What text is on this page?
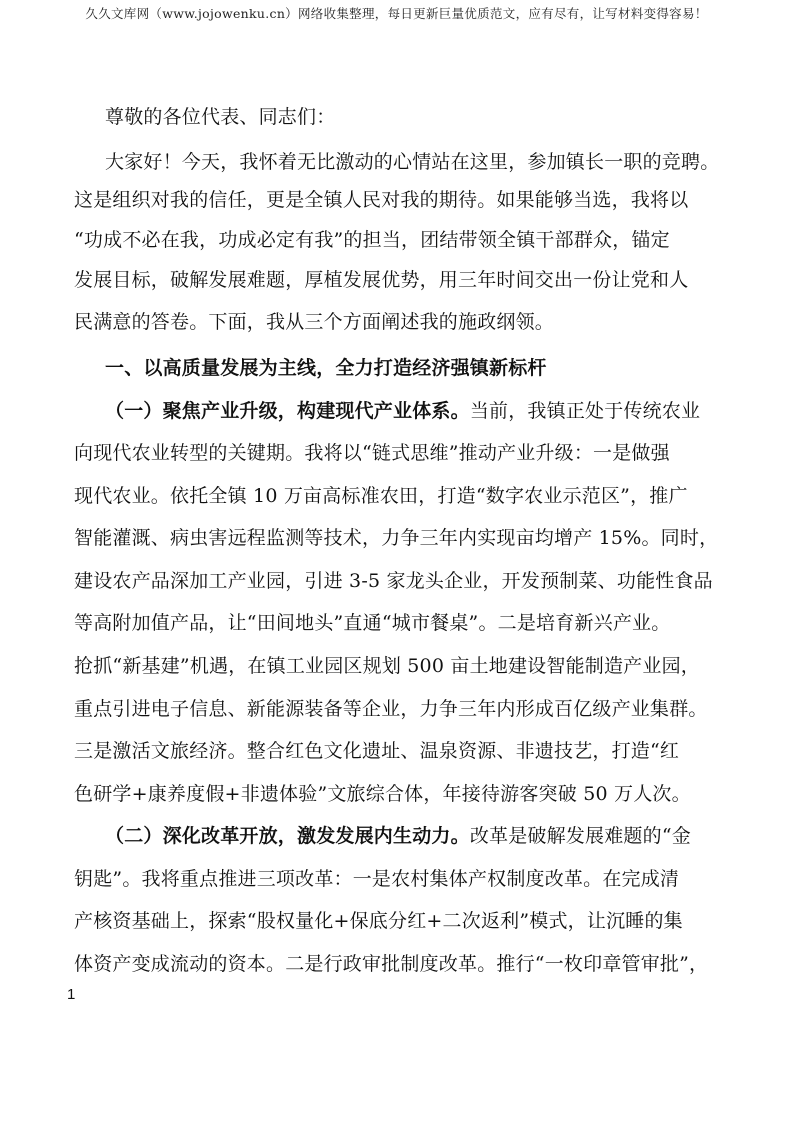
久久文库网（www.jojowenku.cn）网络收集整理，每日更新巨量优质范文，应有尽有，让写材料变得容易！
尊敬的各位代表、同志们：
大家好！今天，我怀着无比激动的心情站在这里，参加镇长一职的竞聘。
这是组织对我的信任，更是全镇人民对我的期待。如果能够当选，我将以
“功成不必在我，功成必定有我”的担当，团结带领全镇干部群众，锚定
发展目标，破解发展难题，厚植发展优势，用三年时间交出一份让党和人
民满意的答卷。下面，我从三个方面阐述我的施政纲领。
一、以高质量发展为主线，全力打造经济强镇新标杆
（一）聚焦产业升级，构建现代产业体系。当前，我镇正处于传统农业
向现代农业转型的关键期。我将以“链式思维”推动产业升级：一是做强
现代农业。依托全镇 10 万亩高标准农田，打造“数字农业示范区”，推广
智能灌溉、病虫害远程监测等技术，力争三年内实现亩均增产 15%。同时，
建设农产品深加工产业园，引进 3-5 家龙头企业，开发预制菜、功能性食品
等高附加值产品，让“田间地头”直通“城市餐桌”。二是培育新兴产业。
抢抓“新基建”机遇，在镇工业园区规划 500 亩土地建设智能制造产业园，
重点引进电子信息、新能源装备等企业，力争三年内形成百亿级产业集群。
三是激活文旅经济。整合红色文化遗址、温泉资源、非遗技艺，打造“红
色研学+康养度假+非遗体验”文旅综合体，年接待游客突破 50 万人次。
（二）深化改革开放，激发发展内生动力。改革是破解发展难题的“金
钥匙”。我将重点推进三项改革：一是农村集体产权制度改革。在完成清
产核资基础上，探索“股权量化+保底分红+二次返利”模式，让沉睡的集
体资产变成流动的资本。二是行政审批制度改革。推行“一枚印章管审批”，
1
